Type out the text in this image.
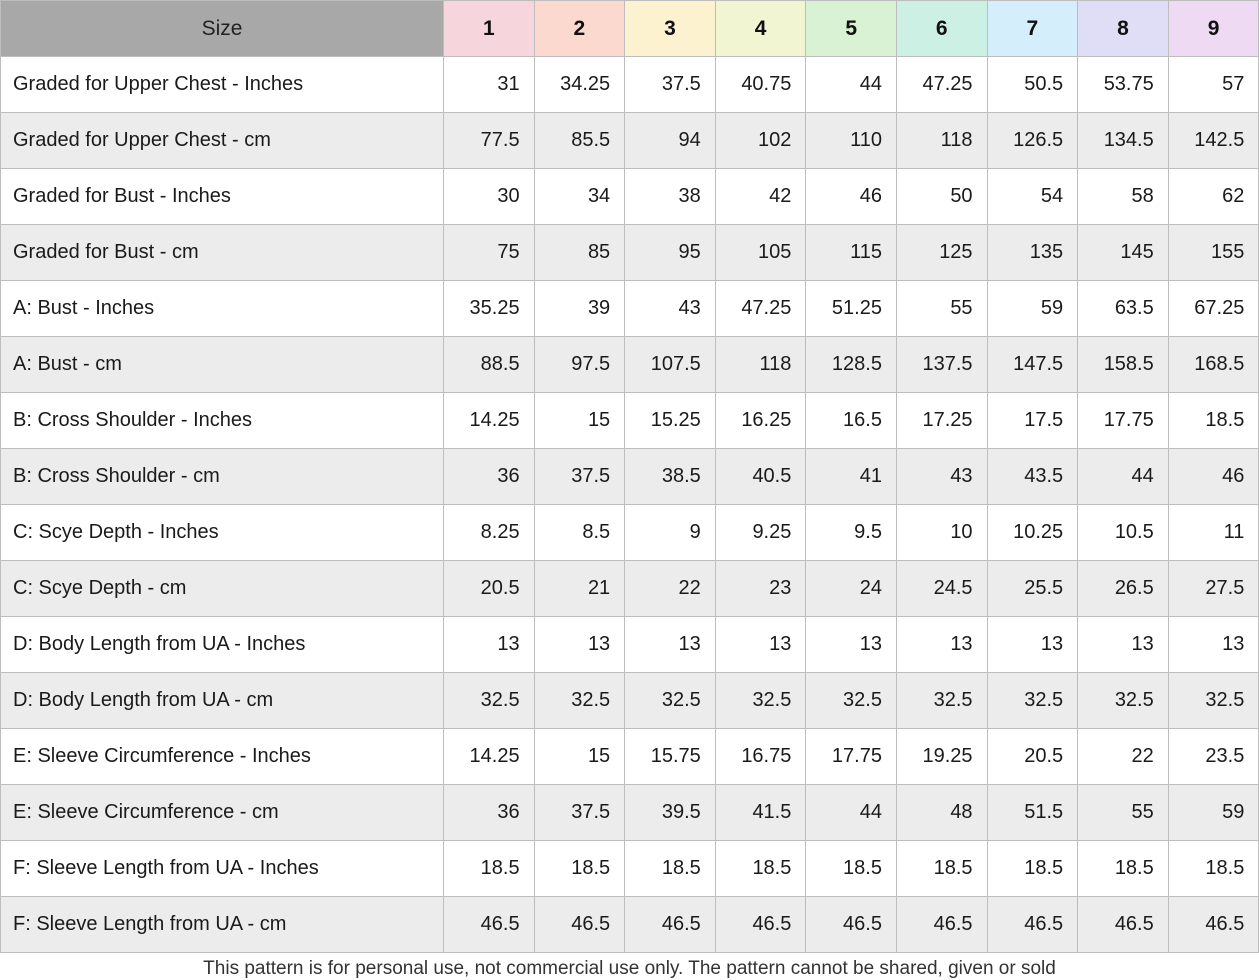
Size	1	2	3	4	5	6	7	8	9
Graded for Upper Chest - Inches	31	34.25	37.5	40.75	44	47.25	50.5	53.75	57
Graded for Upper Chest - cm	77.5	85.5	94	102	110	118	126.5	134.5	142.5
Graded for Bust - Inches	30	34	38	42	46	50	54	58	62
Graded for Bust - cm	75	85	95	105	115	125	135	145	155
A: Bust - Inches	35.25	39	43	47.25	51.25	55	59	63.5	67.25
A: Bust - cm	88.5	97.5	107.5	118	128.5	137.5	147.5	158.5	168.5
B: Cross Shoulder - Inches	14.25	15	15.25	16.25	16.5	17.25	17.5	17.75	18.5
B: Cross Shoulder - cm	36	37.5	38.5	40.5	41	43	43.5	44	46
C: Scye Depth - Inches	8.25	8.5	9	9.25	9.5	10	10.25	10.5	11
C: Scye Depth - cm	20.5	21	22	23	24	24.5	25.5	26.5	27.5
D: Body Length from UA - Inches	13	13	13	13	13	13	13	13	13
D: Body Length from UA - cm	32.5	32.5	32.5	32.5	32.5	32.5	32.5	32.5	32.5
E: Sleeve Circumference - Inches	14.25	15	15.75	16.75	17.75	19.25	20.5	22	23.5
E: Sleeve Circumference - cm	36	37.5	39.5	41.5	44	48	51.5	55	59
F: Sleeve Length from UA - Inches	18.5	18.5	18.5	18.5	18.5	18.5	18.5	18.5	18.5
F: Sleeve Length from UA - cm	46.5	46.5	46.5	46.5	46.5	46.5	46.5	46.5	46.5
This pattern is for personal use, not commercial use only. The pattern cannot be shared, given or sold
